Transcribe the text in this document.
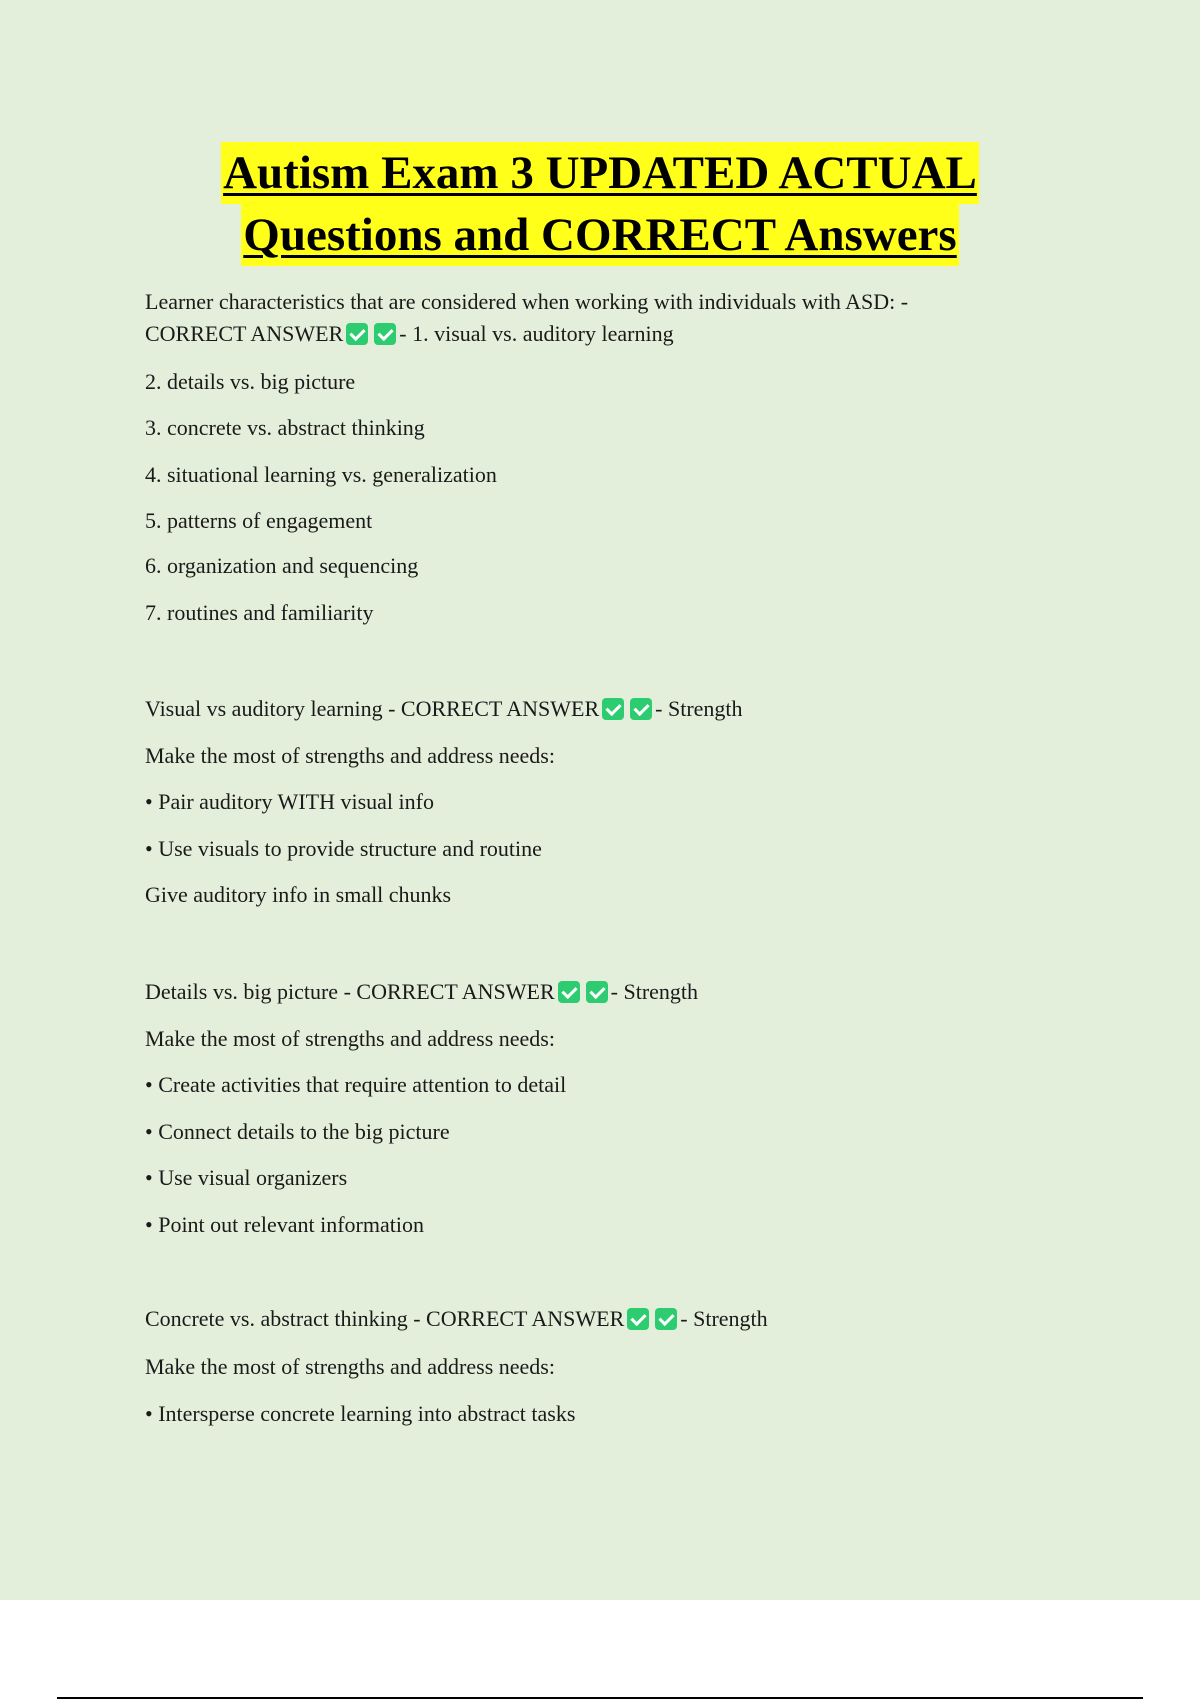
Autism Exam 3 UPDATED ACTUAL
Questions and CORRECT Answers
Learner characteristics that are considered when working with individuals with ASD: -
CORRECT ANSWER	- 1. visual vs. auditory learning
2. details vs. big picture
3. concrete vs. abstract thinking
4. situational learning vs. generalization
5. patterns of engagement
6. organization and sequencing
7. routines and familiarity
Visual vs auditory learning - CORRECT ANSWER	- Strength
Make the most of strengths and address needs:
• Pair auditory WITH visual info
• Use visuals to provide structure and routine
Give auditory info in small chunks
Details vs. big picture - CORRECT ANSWER	- Strength
Make the most of strengths and address needs:
• Create activities that require attention to detail
• Connect details to the big picture
• Use visual organizers
• Point out relevant information
Concrete vs. abstract thinking - CORRECT ANSWER	- Strength
Make the most of strengths and address needs:
• Intersperse concrete learning into abstract tasks
